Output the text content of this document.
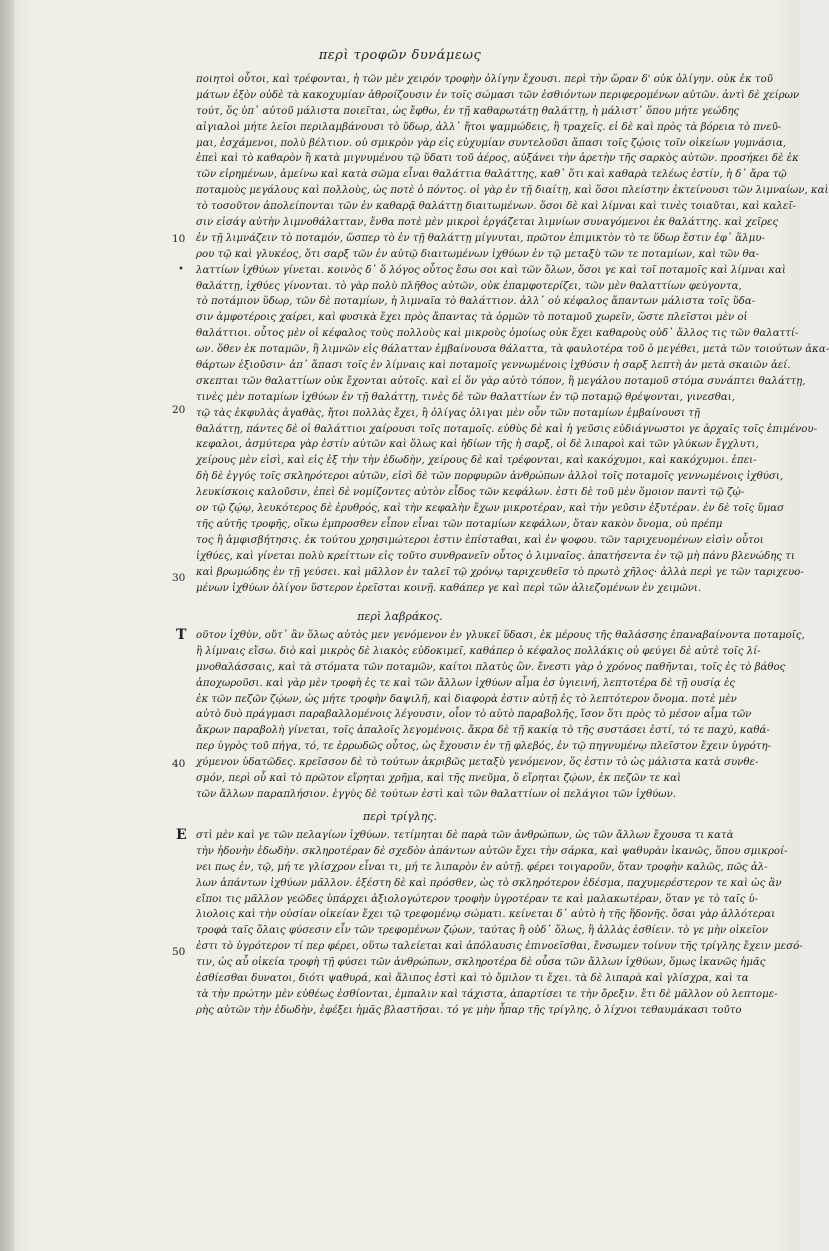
περὶ τροφῶν δυνάμεως
ποιητοὶ οὗτοι, καὶ τρέφονται, ἡ τῶν μὲν χειρόν τροφὴν ὀλίγην ἔχουσι. περὶ τὴν ὥραν δ' οὐκ ὀλίγην. οὐκ ἐκ τοῦ
μάτων ἐξὸν οὐδὲ τὰ κακοχυμίαν ἀθροίζουσιν ἐν τοῖς σώμασι τῶν ἐσθιόντων περιφερομένων αὐτῶν. ἀντὶ δὲ χείρων
τούτ, ὅς ὑπ᾽ αὐτοῦ μάλιστα ποιεῖται, ὡς ἔφθω, ἐν τῇ καθαρωτάτῃ θαλάττῃ, ἡ μάλιστ᾽ ὅπου μήτε γεώδης
αἰγιαλοὶ μήτε λεῖοι περιλαμβάνουσι τὸ ὕδωρ, ἀλλ᾽ ἤτοι ψαμμώδεις, ἢ τραχεῖς. εἰ δὲ καὶ πρὸς τὰ βόρεια τὸ πνεῦ-
μαι, ἐσχάμενοι, πολὺ βέλτιον. οὐ σμικρὸν γὰρ εἰς εὐχυμίαν συντελοῦσι ἅπασι τοῖς ζῴοις τοῖν οἰκείων γυμνάσια,
ἐπεὶ καὶ τὸ καθαρὸν ἢ κατὰ μιγνυμένου τῷ ὕδατι τοῦ ἀέρος, αὐξάνει τὴν ἀρετὴν τῆς σαρκὸς αὐτῶν. προσήκει δὲ ἐκ
τῶν εἰρημένων, ἀμείνω καὶ κατὰ σῶμα εἶναι θαλάττια θαλάττης, καθ᾽ ὅτι καὶ καθαρὰ τελέως ἐστίν, ἡ δ᾽ ἄρα τῷ
ποταμοὺς μεγάλους καὶ πολλοὺς, ὡς ποτὲ ὁ πόντος. οἱ γὰρ ἐν τῇ διαίτῃ, καὶ ὅσοι πλείστην ἐκτείνουσι τῶν λιμναίων, καὶ
τὸ τοσοῦτον ἀπολείπονται τῶν ἐν καθαρᾷ θαλάττῃ διαιτωμένων. ὅσοι δὲ καὶ λίμναι καὶ τινὲς τοιαῦται, καὶ καλεῖ-
σιν εἰσάγ αὐτὴν λιμνοθάλατταν, ἔνθα ποτὲ μὲν μικροὶ ἐργάζεται λιμνίων συναγόμενοι ἐκ θαλάττης. καὶ χεῖρες
ἐν τῇ λιμνάζειν τὸ ποταμόν, ὥσπερ τὸ ἐν τῇ θαλάττῃ μίγνυται, πρῶτον ἐπιμικτὸν τὸ τε ὕδωρ ἔστιν ἐφ᾽ ἅλμυ-
ρου τῷ καὶ γλυκέος, ὅτι σαρξ τῶν ἐν αὐτῷ διαιτωμένων ἰχθύων ἐν τῷ μεταξὺ τῶν τε ποταμίων, καὶ τῶν θα-
λαττίων ἰχθύων γίνεται. κοινὸς δ᾽ ὅ λόγος οὗτος ἔσω σοι καὶ τῶν ὅλων, ὅσοι γε καὶ τοῖ ποταμοῖς καὶ λίμναι καὶ
θαλάττῃ, ἰχθύες γίνονται. τὸ γὰρ πολὺ πλῆθος αὐτῶν, οὐκ ἐπαμφοτερίζει, τῶν μὲν θαλαττίων φεύγοντα,
τὸ ποτάμιον ὕδωρ, τῶν δὲ ποταμίων, ἡ λιμναῖα τὸ θαλάττιον. ἀλλ᾽ οὐ κέφαλος ἅπαντων μάλιστα τοῖς ὕδα-
σιν ἀμφοτέροις χαίρει, καὶ φυσικὰ ἔχει πρὸς ἄπαντας τὰ ὁρμῶν τὸ ποταμοῦ χωρεῖν, ὥστε πλεῖστοι μὲν οἱ
θαλάττιοι. οὗτος μὲν οἱ κέφαλος τοὺς πολλοὺς καὶ μικροὺς ὁμοίως οὐκ ἔχει καθαροὺς οὐδ᾽ ἄλλος τις τῶν θαλαττί-
ων. ὅθεν ἐκ ποταμῶν, ἢ λιμνῶν εἰς θάλατταν ἐμβαίνουσα θάλαττα, τὰ φαυλοτέρα τοῦ ὁ μεγέθει, μετὰ τῶν τοιούτων ἀκα-
θάρτων ἐξιοῦσιν· ἀπ᾽ ἅπασι τοῖς ἐν λίμναις καὶ ποταμοῖς γεννωμένοις ἰχθύσιν ἡ σαρξ λεπτὴ ἀν μετὰ σκαιῶν ἀεί.
σκεπται τῶν θαλαττίων οὐκ ἔχονται αὐτοῖς. καὶ εἰ ὅν γὰρ αὐτὸ τόπον, ἢ μεγάλου ποταμοῦ στόμα συνάπτει θαλάττῃ,
τινὲς μὲν ποταμίων ἰχθύων ἐν τῇ θαλάττῃ, τινὲς δὲ τῶν θαλαττίων ἐν τῷ ποταμῷ θρέψονται, γινεσθαι,
τῷ τὰς ἐκφυλὰς ἀγαθὰς, ἤτοι πολλὰς ἔχει, ἢ ὀλίγας ὀλιγαι μὲν οὖν τῶν ποταμίων ἐμβαίνουσι τῇ
θαλάττῃ, πάντες δὲ οἱ θαλάττιοι χαίρουσι τοῖς ποταμοῖς. εὐθὺς δὲ καὶ ἡ γεῦσις εὐδιάγνωστοι γε ἀρχαῖς τοῖς ἐπιμένου-
κεφαλοι, ἀσμύτερα γὰρ ἐστίν αὐτῶν καὶ ὅλως καὶ ἡδίων τῆς ἡ σαρξ, οἱ δὲ λιπαροὶ καὶ τῶν γλύκων ἔγχλυτι,
χείρους μὲν εἰσὶ, καὶ εἰς ἐξ τὴν τὴν ἐδωδὴν, χείρους δὲ καὶ τρέφονται, καὶ κακόχυμοι, καὶ κακόχυμοι. ἐπει-
δὴ δὲ ἐγγύς τοῖς σκληρότεροι αὐτῶν, εἰσὶ δὲ τῶν πορφυρῶν ἀνθρώπων ἀλλοὶ τοῖς ποταμοῖς γεννωμένοις ἰχθύσι,
λευκίσκοις καλοῦσιν, ἐπεὶ δὲ νομίζοντες αὐτὸν εἶδος τῶν κεφάλων. ἐστι δὲ τοῦ μὲν ὅμοιον παντὶ τῷ ζῴ-
ον τῷ ζῴῳ, λευκότερος δὲ ἐρυθρός, καὶ τὴν κεφαλὴν ἔχων μικροτέραν, καὶ τὴν γεῦσιν ἐξυτέραν. ἐν δὲ τοῖς ὕμασ
τῆς αὐτῆς τροφῆς, οἴκω ἐμπροσθεν εἶπον εἶναι τῶν ποταμίων κεφάλων, ὅταν κακὸν ὄνομα, οὐ πρέπμ
τος ἢ ἀμφισβήτησις. ἐκ τούτου χρησιμώτεροι ἐστιν ἐπίσταθαι, καὶ ἐν ψοφου. τῶν ταριχευομένων εἰσὶν οὗτοι
ἰχθύες, καὶ γίνεται πολὺ κρείττων εἰς τοῦτο συνθρανεῖν οὗτος ὁ λιμναῖος. ἀπατήσεντα ἐν τῷ μὴ πάνυ βλενώδης τι
καὶ βρωμώδης ἐν τῇ γεύσει. καὶ μᾶλλον ἐν ταλεῖ τῷ χρόνῳ ταριχευθεῖσ τὸ πρωτὸ χῆλος· ἀλλὰ περὶ γε τῶν ταριχευο-
μένων ἰχθύων ὀλίγον ὕστερον ἐρεῖσται κοινῇ. καθάπερ γε καὶ περὶ τῶν ἀλιεζομένων ἐν χειμῶνι.
10
•
20
30
40
50
περὶ λαβράκος.
T οῦτον ἰχθὺν, οὔτ᾽ ἂν ὅλως αὐτὸς μεν γενόμενον ἐν γλυκεῖ ὕδασι, ἐκ μέρους τῆς θαλάσσης ἐπαναβαίνοντα ποταμοῖς,
ἢ λίμναις εἴσω. διὸ καὶ μικρὸς δὲ λιακὸς εὐδοκιμεῖ, καθάπερ ὁ κέφαλος πολλάκις οὐ φεύγει δὲ αὐτὲ τοῖς λί-
μνοθαλάσσαις, καὶ τὰ στόματα τῶν ποταμῶν, καίτοι πλατὺς ὢν. ἔνεστι γὰρ ὁ χρόνος παθῆνται, τοῖς ἐς τὸ βάθος
ἀποχωροῦσι. καὶ γὰρ μὲν τροφὴ ἐς τε καὶ τῶν ἄλλων ἰχθύων αἷμα ἐσ ὑγιεινή, λεπτοτέρα δὲ τῇ ουσίᾳ ἐς
ἐκ τῶν πεζῶν ζῴων, ὡς μήτε τροφὴν δαψιλῆ, καὶ διαφορὰ ἐστιν αὐτῇ ἐς τὸ λεπτότερον ὄνομα. ποτὲ μὲν
αὐτὸ δυὸ πράγμασι παραβαλλομένοις λέγουσιν, οἷον τὸ αὐτὸ παραβολῆς, ἴσον ὅτι πρὸς τὸ μέσον αἷμα τῶν
ἄκρων παραβολὴ γίνεται, τοῖς ἀπαλοῖς λεγομένοις. ἄκρα δὲ τῇ κακίᾳ τὸ τῆς συστάσει ἐστί, τό τε παχύ, καθά-
περ ὑγρὸς τοῦ πήγα, τό, τε ἐρρωδῶς οὗτος, ὡς ἔχουσιν ἐν τῇ φλεβός, ἐν τῷ πηγνυμένῳ πλεῖστον ἔχειν ὑγρότη-
χύμενον ὑδατῶδες. κρεῖσσον δὲ τὸ τούτων ἀκριβῶς μεταξὺ γενόμενον, ὅς ἐστιν τὸ ὡς μάλιστα κατὰ συνθε-
σμόν, περὶ οὗ καὶ τὸ πρῶτον εἴρηται χρῆμα, καὶ τῆς πνεῦμα, ὅ εἴρηται ζῴων, ἐκ πεζῶν τε καὶ
τῶν ἄλλων παραπλήσιον. ἐγγὺς δὲ τούτων ἐστὶ καὶ τῶν θαλαττίων οἱ πελάγιοι τῶν ἰχθύων.
περὶ τρίγλης.
E στὶ μὲν καὶ γε τῶν πελαγίων ἰχθύων. τετίμηται δὲ παρὰ τῶν ἀνθρώπων, ὡς τῶν ἄλλων ἔχουσα τι κατὰ
τὴν ἡδονὴν ἐδωδὴν. σκληροτέραν δὲ σχεδὸν ἁπάντων αὐτῶν ἔχει τὴν σάρκα, καὶ ψαθυρὰν ἱκανῶς, ὅπου σμικροί-
νει πως ἐν, τῷ, μή τε γλίσχρον εἶναι τι, μή τε λιπαρὸν ἐν αὐτῇ. φέρει τοιγαροῦν, ὅταν τροφὴν καλῶς, πῶς ἀλ-
λων ἁπάντων ἰχθύων μᾶλλον. ἐξέστη δὲ καὶ πρόσθεν, ὡς τὸ σκληρότερον ἐδέσμα, παχυμερέστερον τε καὶ ὡς ἂν
εἴποι τις μᾶλλον γεῶδες ὑπάρχει ἀξιολογώτερον τροφὴν ὑγροτέραν τε καὶ μαλακωτέραν, ὅταν γε τὸ ταῖς ὑ-
λιολοις καὶ τὴν οὐσίαν οἰκείαν ἔχει τῷ τρεφομένῳ σώματι. κείνεται δ᾽ αὐτὸ ἡ τῆς ἥδονῆς. ὅσαι γὰρ ἀλλότεραι
τροφὰ ταῖς ὅλαις φύσεσιν εἶν τῶν τρεφομένων ζῴων, ταύτας ἢ οὐδ᾽ ὅλως, ἢ ἀλλὰς ἐσθίειν. τὸ γε μὴν οἰκεῖον
ἐστι τὸ ὑγρότερον τί περ φέρει, οὕτω ταλείεται καὶ ἀπόλαυσις ἐπινοεῖσθαι, ἔνσωμεν τοίνυν τῆς τρίγλης ἔχειν μεσό-
τιν, ὡς αὖ οἰκεία τροφὴ τῇ φύσει τῶν ἀνθρώπων, σκληροτέρα δὲ οὖσα τῶν ἄλλων ἰχθύων, ὅμως ἱκανῶς ἡμᾶς
ἐσθίεσθαι δυνατοι, διότι ψαθυρά, καὶ ἄλιπος ἐστὶ καὶ τὸ ὄμιλον τι ἔχει. τὰ δὲ λιπαρὰ καὶ γλίσχρα, καὶ τα
τὰ τὴν πρώτην μὲν εὐθέως ἐσθίονται, ἐμπαλιν καὶ τάχιστα, ἀπαρτίσει τε τὴν ὄρεξιν. ἔτι δὲ μᾶλλον οὐ λεπτομε-
ρὴς αὐτῶν τὴν ἐδωδὴν, ἐφέξει ἡμᾶς βλαστῆσαι. τό γε μὴν ἧπαρ τῆς τρίγλης, ὁ λίχνοι τεθαυμάκασι τοῦτο
